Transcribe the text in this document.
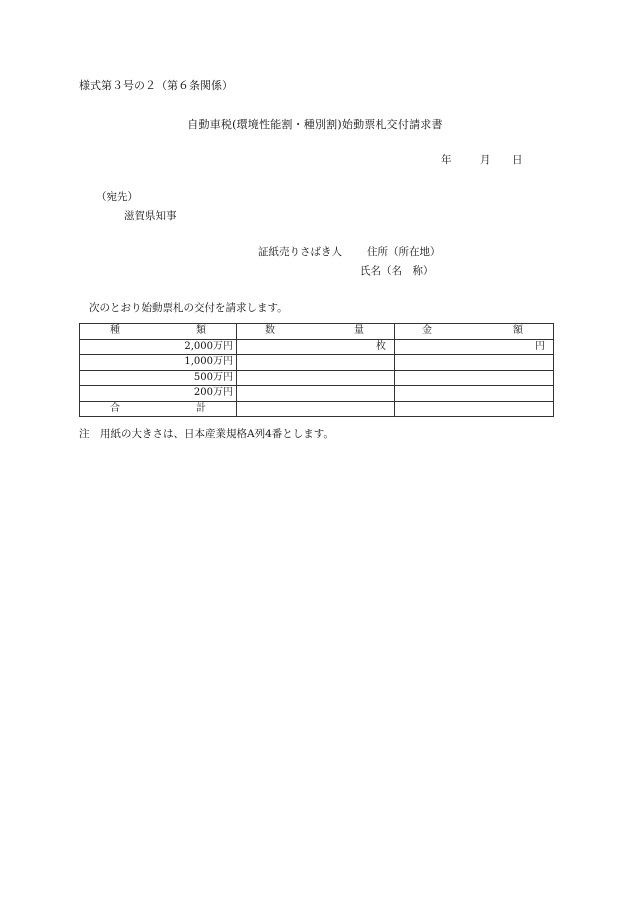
様式第３号の２（第６条関係）
自動車税(環境性能割・種別割)始動票札交付請求書
年	月 日
（宛先）
滋賀県知事
証紙売りさばき人 住所（所在地）
氏名（名　称）
次のとおり始動票札の交付を請求します。
種 類	数 量	金 額

2,000万円	枚	円
1,000万円		
500万円		
200万円		

合 計		

注　用紙の大きさは、日本産業規格A列4番とします。
